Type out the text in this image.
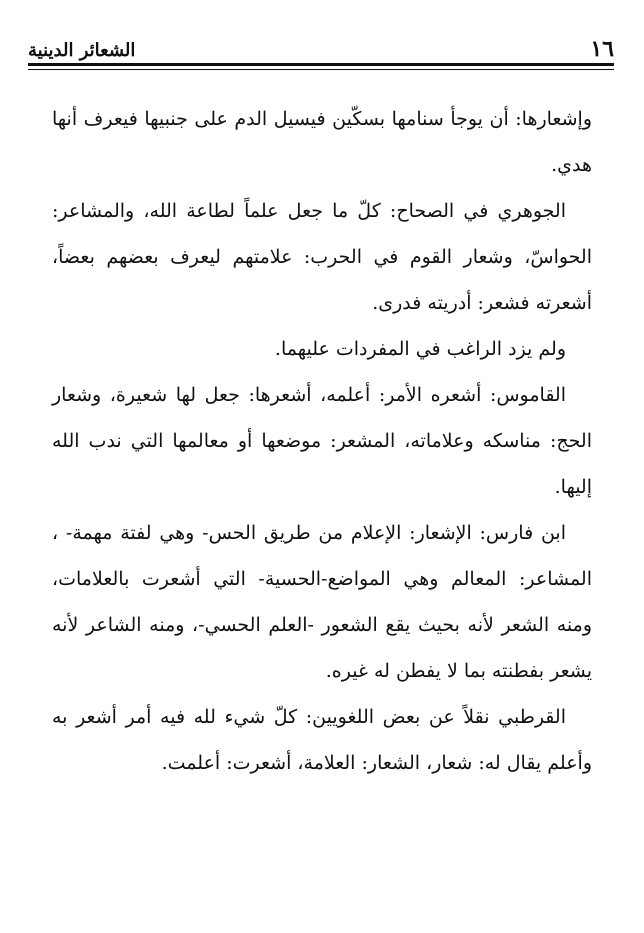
١٦
الشعائر الدينية

وإشعارها: أن يوجأ سنامها بسكّين فيسيل الدم على جنبيها فيعرف أنها هدي.

الجوهري في الصحاح: كلّ ما جعل علماً لطاعة الله، والمشاعر: الحواسّ، وشعار القوم في الحرب: علامتهم ليعرف بعضهم بعضاً، أشعرته فشعر: أدريته فدرى.

ولم يزد الراغب في المفردات عليهما.

القاموس: أشعره الأمر: أعلمه، أشعرها: جعل لها شعيرة، وشعار الحج: مناسكه وعلاماته، المشعر: موضعها أو معالمها التي ندب الله إليها.

ابن فارس: الإشعار: الإعلام من طريق الحس- وهي لفتة مهمة- ، المشاعر: المعالم وهي المواضع-الحسية- التي أشعرت بالعلامات، ومنه الشعر لأنه بحيث يقع الشعور -العلم الحسي-، ومنه الشاعر لأنه يشعر بفطنته بما لا يفطن له غيره.

القرطبي نقلاً عن بعض اللغويين: كلّ شيء لله فيه أمر أشعر به وأعلم يقال له: شعار، الشعار: العلامة، أشعرت: أعلمت.
